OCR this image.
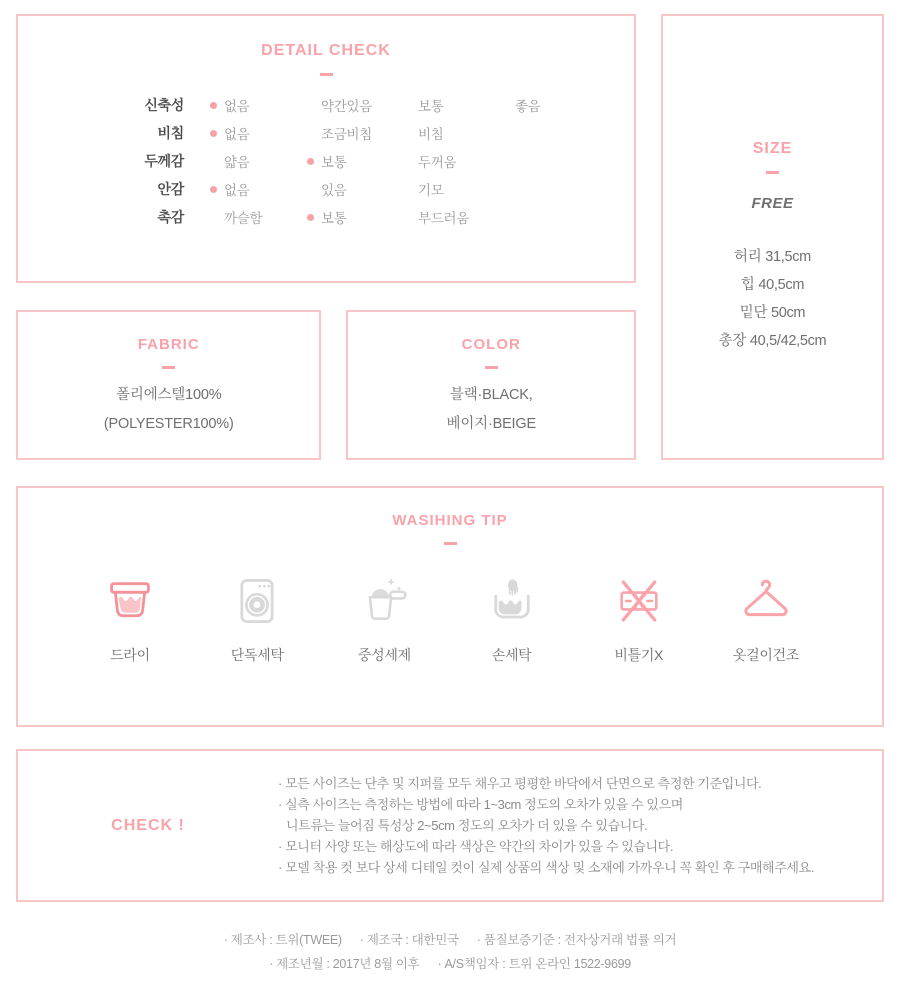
DETAIL CHECK
신축성	없음	약간있음	보통	좋음
비침	없음	조금비침	비침
두께감	얇음	보통	두꺼움
안감	없음	있음	기모
촉감	까슬함	보통	부드러움
FABRIC
폴리에스텔100%
(POLYESTER100%)
COLOR
블랙·BLACK,
베이지·BEIGE
SIZE
FREE
허리 31,5cm
힙 40,5cm
밑단 50cm
총장 40,5/42,5cm
WASIHING TIP
드라이	단독세탁	중성세제	손세탁	비틀기X	옷걸이건조
CHECK !
· 모든 사이즈는 단추 및 지퍼를 모두 채우고 평평한 바닥에서 단면으로 측정한 기준입니다.
· 실측 사이즈는 측정하는 방법에 따라 1~3cm 정도의 오차가 있을 수 있으며
니트류는 늘어짐 특성상 2~5cm 정도의 오차가 더 있을 수 있습니다.
· 모니터 사양 또는 해상도에 따라 색상은 약간의 차이가 있을 수 있습니다.
· 모델 착용 컷 보다 상세 디테일 컷이 실제 상품의 색상 및 소재에 가까우니 꼭 확인 후 구매해주세요.
· 제조사 : 트위(TWEE) · 제조국 : 대한민국 · 품질보증기준 : 전자상거래 법률 의거
· 제조년월 : 2017년 8월 이후 · A/S책임자 : 트위 온라인 1522-9699
